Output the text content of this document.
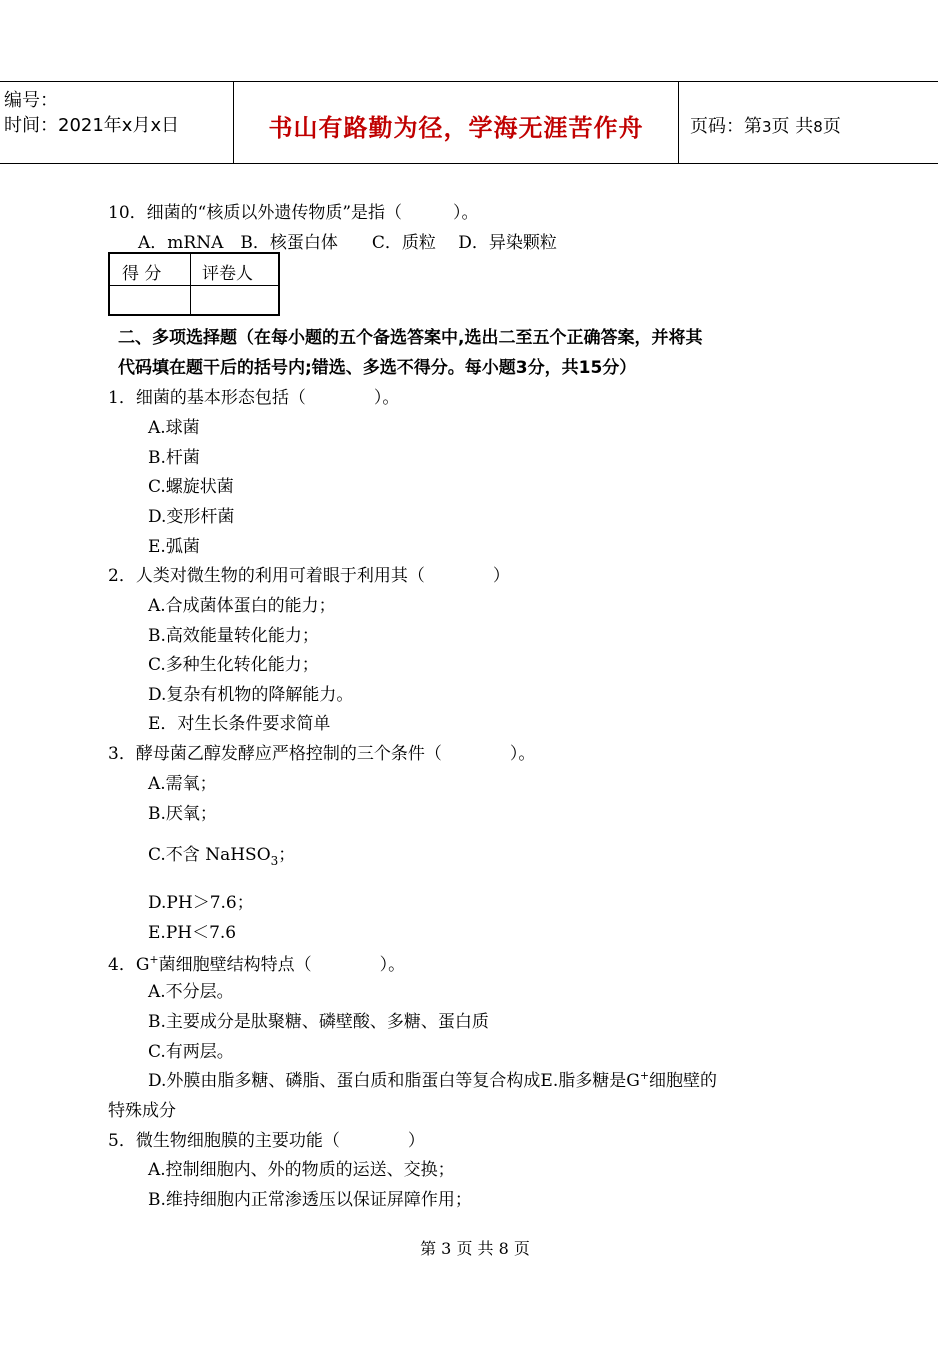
编号：
时间：2021年x月x日	书山有路勤为径，学海无涯苦作舟	页码：第3页 共8页
10．细菌的“核质以外遗传物质”是指（　　　）。
A．mRNA　B．核蛋白体　　C．质粒　 D．异染颗粒
得 分 评卷人
二、多项选择题（在每小题的五个备选答案中,选出二至五个正确答案，并将其
代码填在题干后的括号内;错选、多选不得分。每小题3分，共15分）
1．细菌的基本形态包括（　　　　）。
A.球菌
B.杆菌
C.螺旋状菌
D.变形杆菌
E.弧菌
2．人类对微生物的利用可着眼于利用其（　　　　）
A.合成菌体蛋白的能力；
B.高效能量转化能力；
C.多种生化转化能力；
D.复杂有机物的降解能力。
E．对生长条件要求简单
3．酵母菌乙醇发酵应严格控制的三个条件（　　　　）。
A.需氧；
B.厌氧；
C.不含 NaHSO$_3$；
D.PH＞7.6；
E.PH＜7.6
4．G+菌细胞壁结构特点（　　　　）。
A.不分层。
B.主要成分是肽聚糖、磷壁酸、多糖、蛋白质
C.有两层。
D.外膜由脂多糖、磷脂、蛋白质和脂蛋白等复合构成E.脂多糖是G+细胞壁的
特殊成分
5．微生物细胞膜的主要功能（　　　　）
A.控制细胞内、外的物质的运送、交换；
B.维持细胞内正常渗透压以保证屏障作用；
第 3 页 共 8 页
